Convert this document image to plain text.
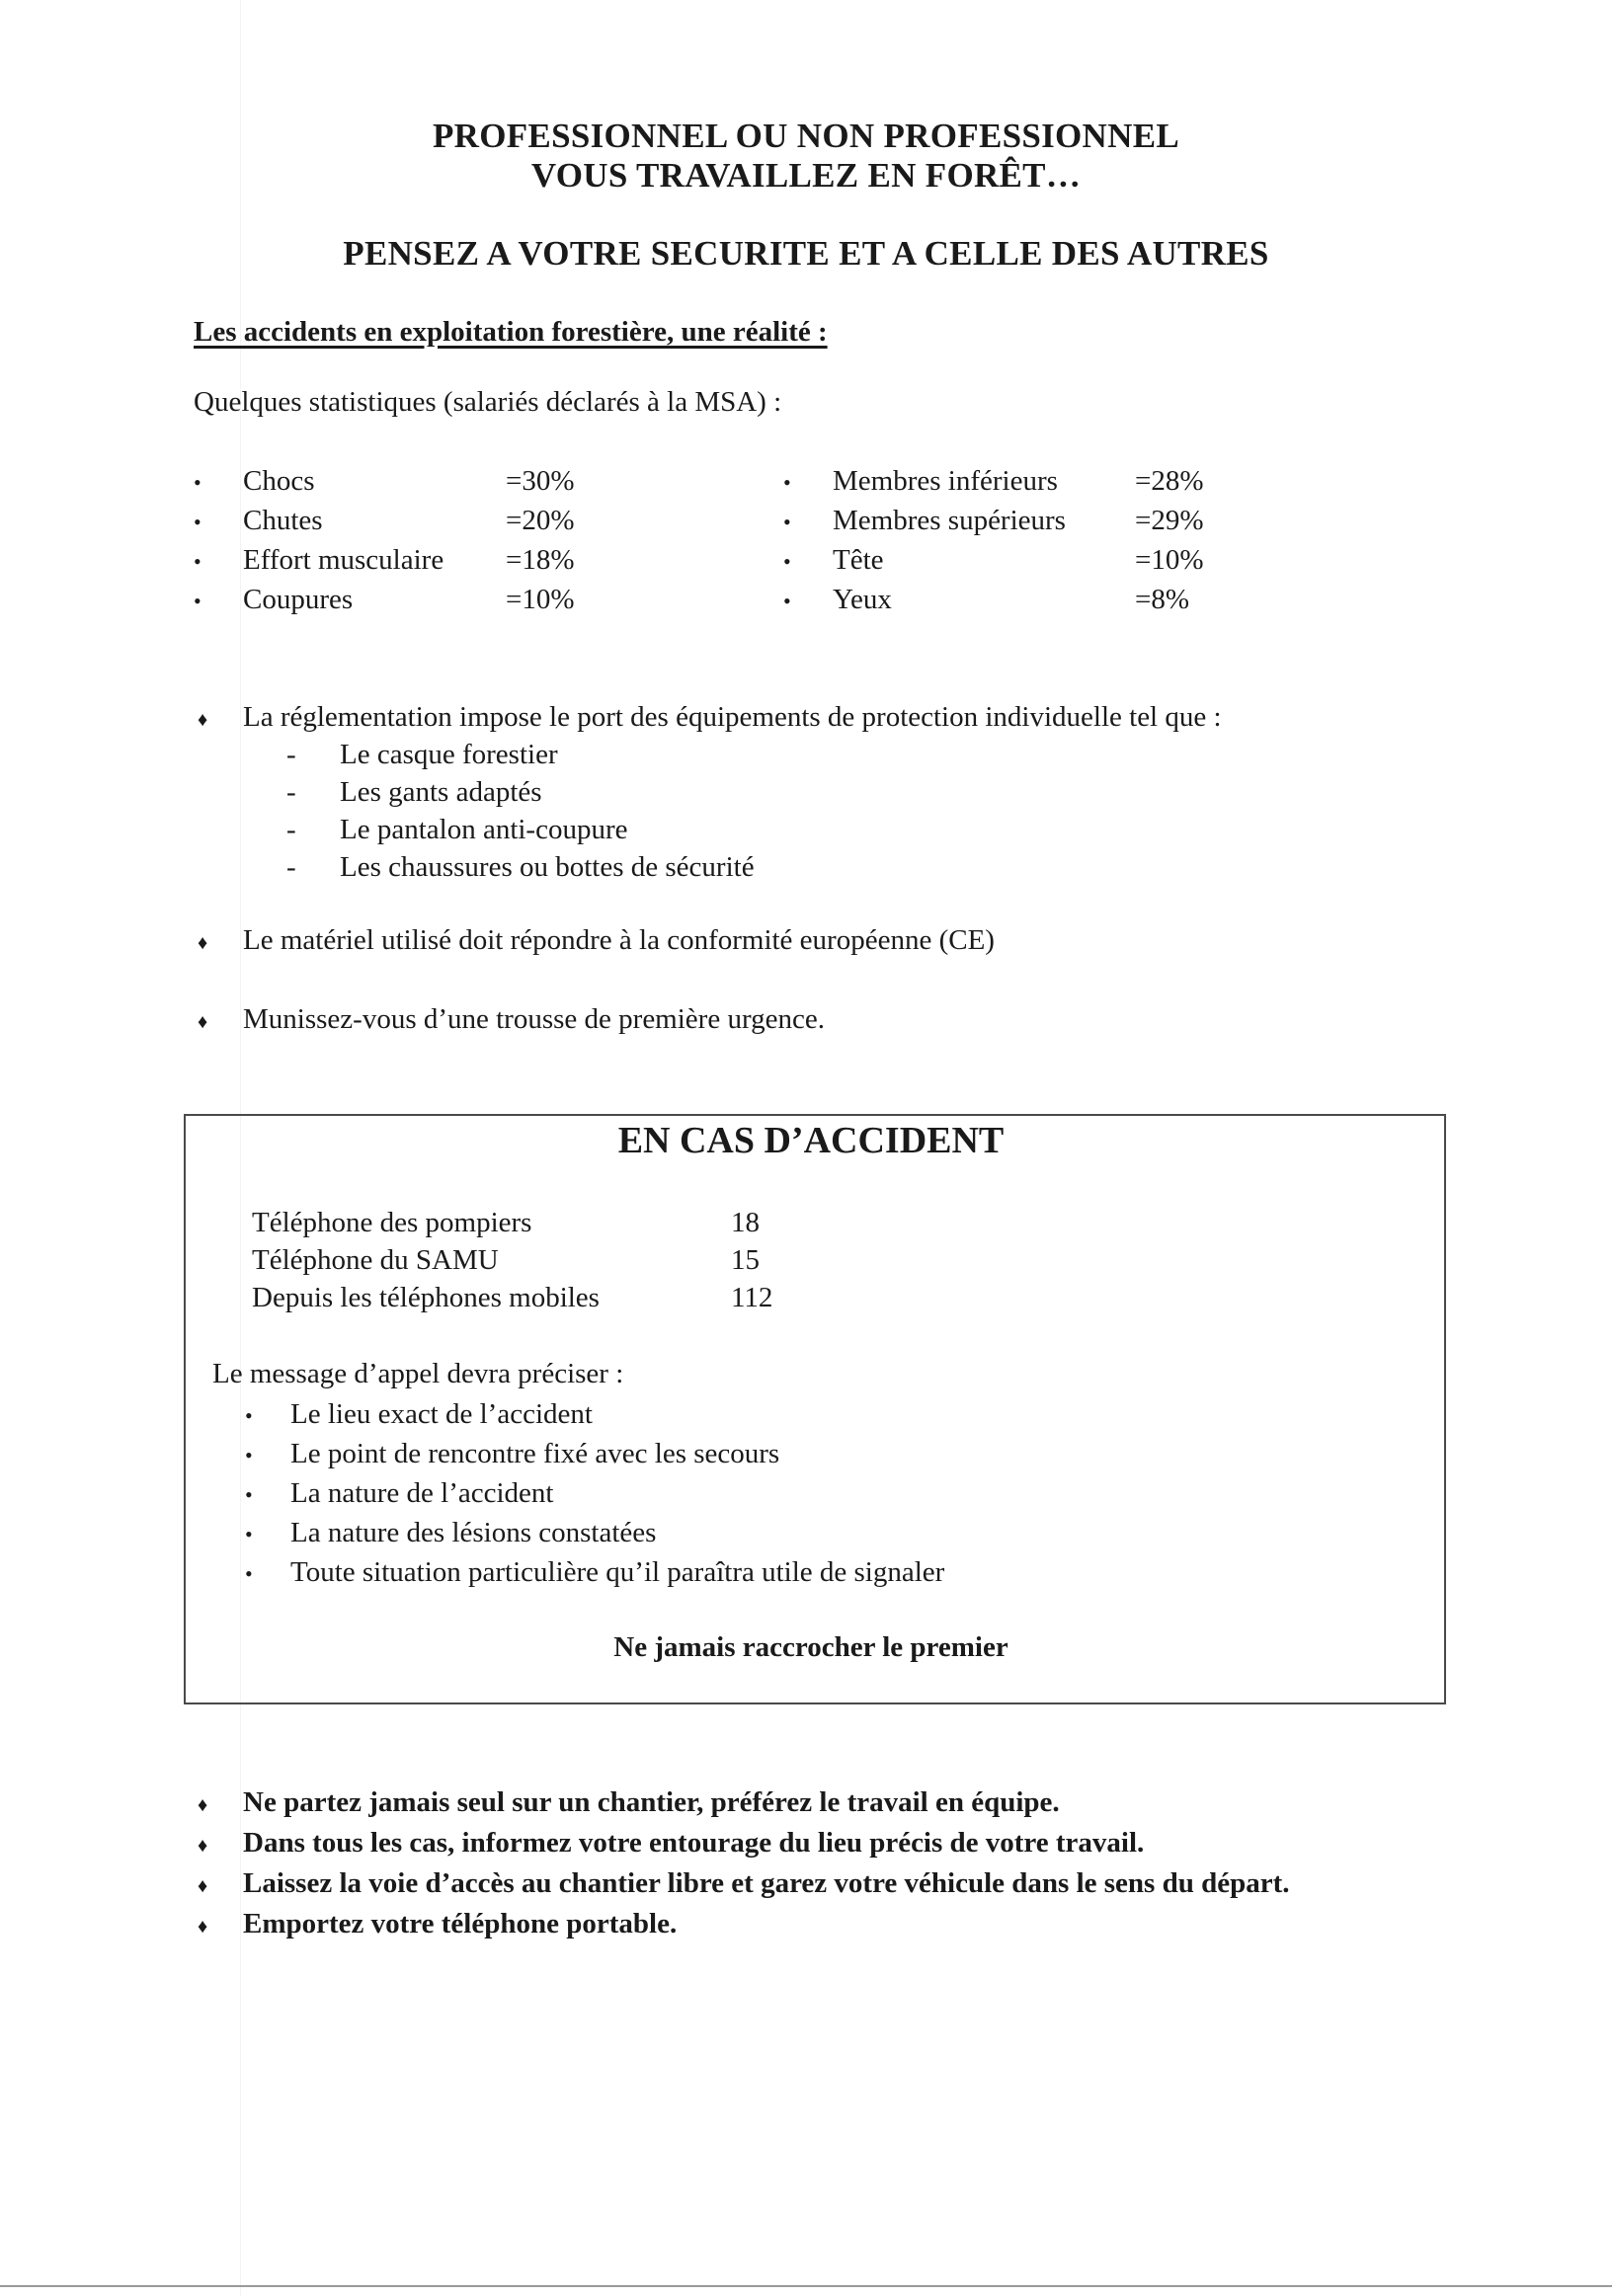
PROFESSIONNEL OU NON PROFESSIONNEL
VOUS TRAVAILLEZ EN FORÊT…
PENSEZ A VOTRE SECURITE ET A CELLE DES AUTRES
Les accidents en exploitation forestière, une réalité :
Quelques statistiques (salariés déclarés à la MSA) :
•	Chocs	=30%
•	Chutes	=20%
•	Effort musculaire	=18%
•	Coupures	=10%
•	Membres inférieurs	=28%
•	Membres supérieurs	=29%
•	Tête	=10%
•	Yeux	=8%
♦	La réglementation impose le port des équipements de protection individuelle tel que :
-	Le casque forestier
-	Les gants adaptés
-	Le pantalon anti-coupure
-	Les chaussures ou bottes de sécurité
♦	Le matériel utilisé doit répondre à la conformité européenne (CE)
♦	Munissez-vous d’une trousse de première urgence.
EN CAS D’ACCIDENT
Téléphone des pompiers	18
Téléphone du SAMU	15
Depuis les téléphones mobiles	112
Le message d’appel devra préciser :
•	Le lieu exact de l’accident
•	Le point de rencontre fixé avec les secours
•	La nature de l’accident
•	La nature des lésions constatées
•	Toute situation particulière qu’il paraîtra utile de signaler
Ne jamais raccrocher le premier
♦	Ne partez jamais seul sur un chantier, préférez le travail en équipe.
♦	Dans tous les cas, informez votre entourage du lieu précis de votre travail.
♦	Laissez la voie d’accès au chantier libre et garez votre véhicule dans le sens du départ.
♦	Emportez votre téléphone portable.
